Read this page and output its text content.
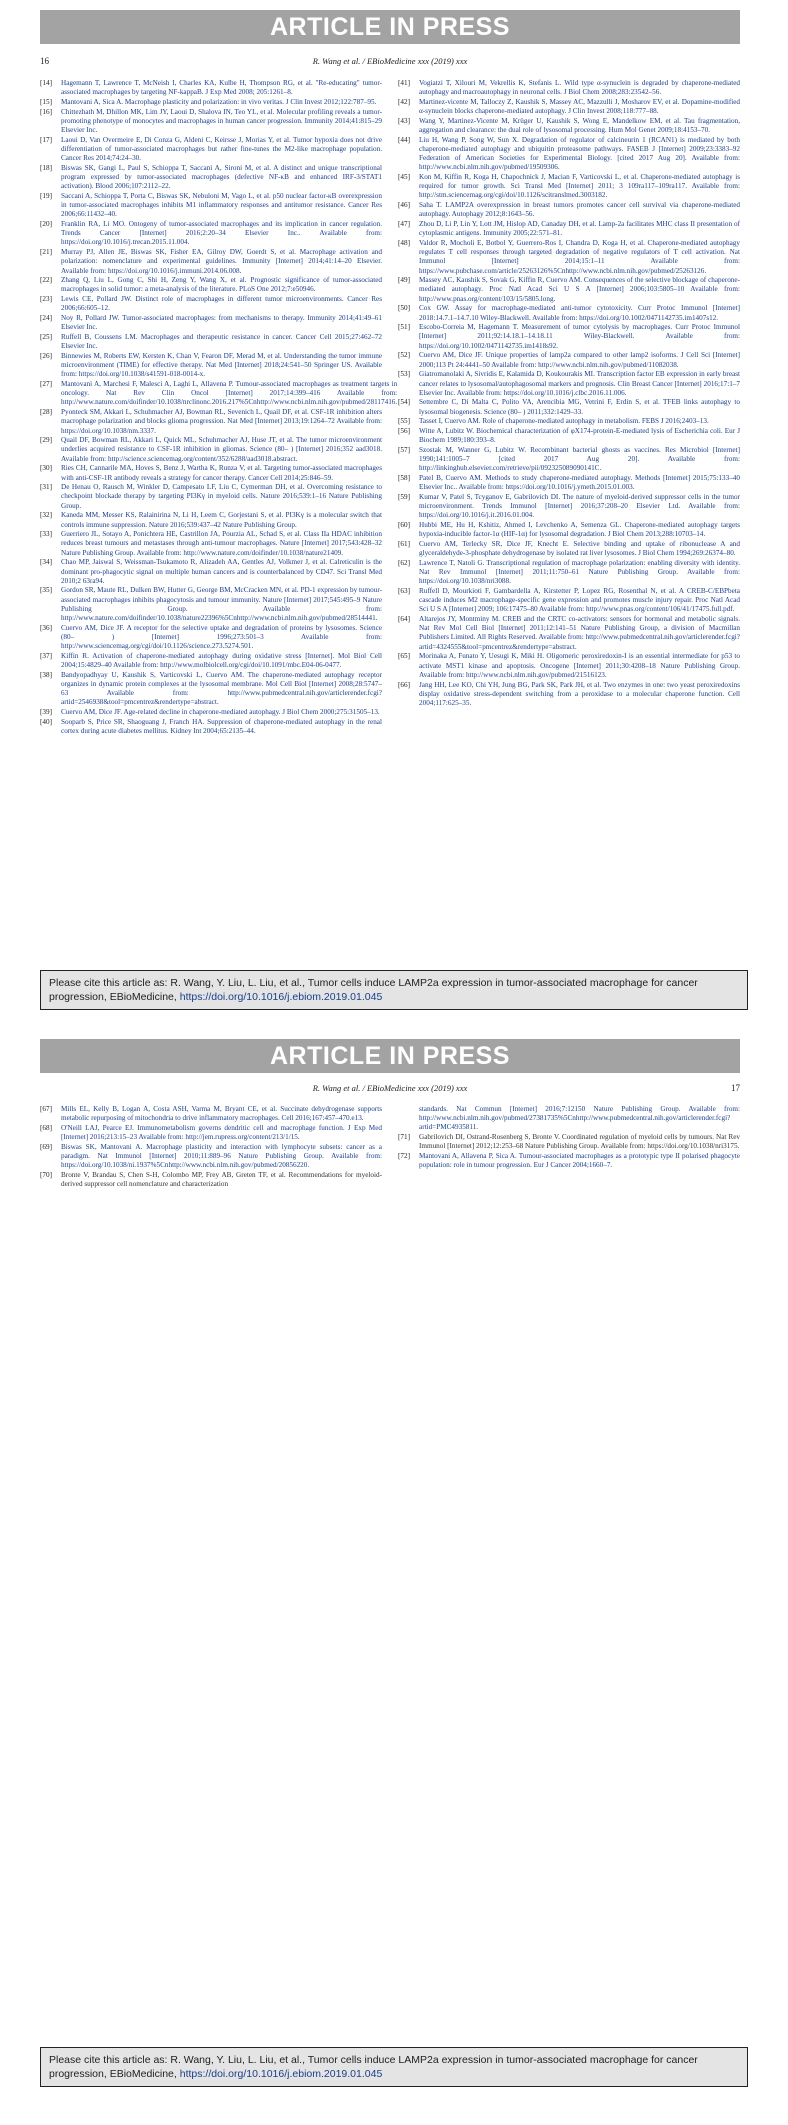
ARTICLE IN PRESS
16	R. Wang et al. / EBioMedicine xxx (2019) xxx
[14]	Hagemann T, Lawrence T, McNeish I, Charles KA, Kulbe H, Thompson RG, et al. "Re-educating" tumor-associated macrophages by targeting NF-kappaB. J Exp Med 2008; 205:1261–8.
[15]	Mantovani A, Sica A. Macrophage plasticity and polarization: in vivo veritas. J Clin Invest 2012;122:787–95.
[16]	Chittezhath M, Dhillon MK, Lim JY, Laoui D, Shalova IN, Teo YL, et al. Molecular profiling reveals a tumor-promoting phenotype of monocytes and macrophages in human cancer progression. Immunity 2014;41:815–29 Elsevier Inc.
[17]	Laoui D, Van Overmeire E, Di Conza G, Aldeni C, Keirsse J, Morias Y, et al. Tumor hypoxia does not drive differentiation of tumor-associated macrophages but rather fine-tunes the M2-like macrophage population. Cancer Res 2014;74:24–30.
[18]	Biswas SK, Gangi L, Paul S, Schioppa T, Saccani A, Sironi M, et al. A distinct and unique transcriptional program expressed by tumor-associated macrophages (defective NF-κB and enhanced IRF-3/STAT1 activation). Blood 2006;107:2112–22.
[19]	Saccani A, Schioppa T, Porta C, Biswas SK, Nebuloni M, Vago L, et al. p50 nuclear factor-κB overexpression in tumor-associated macrophages inhibits M1 inflammatory responses and antitumor resistance. Cancer Res 2006;66:11432–40.
[20]	Franklin RA, Li MO. Ontogeny of tumor-associated macrophages and its implication in cancer regulation. Trends Cancer [Internet] 2016;2:20–34 Elsevier Inc.. Available from: https://doi.org/10.1016/j.trecan.2015.11.004.
[21]	Murray PJ, Allen JE, Biswas SK, Fisher EA, Gilroy DW, Goerdt S, et al. Macrophage activation and polarization: nomenclature and experimental guidelines. Immunity [Internet] 2014;41:14–20 Elsevier. Available from: https://doi.org/10.1016/j.immuni.2014.06.008.
[22]	Zhang Q, Liu L, Gong C, Shi H, Zeng Y, Wang X, et al. Prognostic significance of tumor-associated macrophages in solid tumor: a meta-analysis of the literature. PLoS One 2012;7:e50946.
[23]	Lewis CE, Pollard JW. Distinct role of macrophages in different tumor microenvironments. Cancer Res 2006;66:605–12.
[24]	Noy R, Pollard JW. Tumor-associated macrophages: from mechanisms to therapy. Immunity 2014;41:49–61 Elsevier Inc.
[25]	Ruffell B, Coussens LM. Macrophages and therapeutic resistance in cancer. Cancer Cell 2015;27:462–72 Elsevier Inc.
[26]	Binnewies M, Roberts EW, Kersten K, Chan V, Fearon DF, Merad M, et al. Understanding the tumor immune microenvironment (TIME) for effective therapy. Nat Med [Internet] 2018;24:541–50 Springer US. Available from: https://doi.org/10.1038/s41591-018-0014-x.
[27]	Mantovani A, Marchesi F, Malesci A, Laghi L, Allavena P. Tumour-associated macrophages as treatment targets in oncology. Nat Rev Clin Oncol [Internet] 2017;14:399–416 Available from: http://www.nature.com/doifinder/10.1038/nrclinonc.2016.217%5Cnhttp://www.ncbi.nlm.nih.gov/pubmed/28117416.
[28]	Pyonteck SM, Akkari L, Schuhmacher AJ, Bowman RL, Sevenich L, Quail DF, et al. CSF-1R inhibition alters macrophage polarization and blocks glioma progression. Nat Med [Internet] 2013;19:1264–72 Available from: https://doi.org/10.1038/nm.3337.
[29]	Quail DF, Bowman RL, Akkari L, Quick ML, Schuhmacher AJ, Huse JT, et al. The tumor microenvironment underlies acquired resistance to CSF-1R inhibition in gliomas. Science (80– ) [Internet] 2016;352 aad3018. Available from: http://science.sciencemag.org/content/352/6288/aad3018.abstract.
[30]	Ries CH, Cannarile MA, Hoves S, Benz J, Wartha K, Runza V, et al. Targeting tumor-associated macrophages with anti-CSF-1R antibody reveals a strategy for cancer therapy. Cancer Cell 2014;25:846–59.
[31]	De Henau O, Rausch M, Winkler D, Campesato LF, Liu C, Cymerman DH, et al. Overcoming resistance to checkpoint blockade therapy by targeting PI3Kγ in myeloid cells. Nature 2016;539:1–16 Nature Publishing Group.
[32]	Kaneda MM, Messer KS, Ralainirina N, Li H, Leem C, Gorjestani S, et al. PI3Kγ is a molecular switch that controls immune suppression. Nature 2016;539:437–42 Nature Publishing Group.
[33]	Guerriero JL, Sotayo A, Ponichtera HE, Castrillon JA, Pourzia AL, Schad S, et al. Class IIa HDAC inhibition reduces breast tumours and metastases through anti-tumour macrophages. Nature [Internet] 2017;543:428–32 Nature Publishing Group. Available from: http://www.nature.com/doifinder/10.1038/nature21409.
[34]	Chao MP, Jaiswal S, Weissman-Tsukamoto R, Alizadeh AA, Gentles AJ, Volkmer J, et al. Calreticulin is the dominant pro-phagocytic signal on multiple human cancers and is counterbalanced by CD47. Sci Transl Med 2010;2 63ra94.
[35]	Gordon SR, Maute RL, Dulken BW, Hutter G, George BM, McCracken MN, et al. PD-1 expression by tumour-associated macrophages inhibits phagocytosis and tumour immunity. Nature [Internet] 2017;545:495–9 Nature Publishing Group. Available from: http://www.nature.com/doifinder/10.1038/nature22396%5Cnhttp://www.ncbi.nlm.nih.gov/pubmed/28514441.
[36]	Cuervo AM, Dice JF. A receptor for the selective uptake and degradation of proteins by lysosomes. Science (80– ) [Internet] 1996;273:501–3 Available from: http://www.sciencemag.org/cgi/doi/10.1126/science.273.5274.501.
[37]	Kiffin R. Activation of chaperone-mediated autophagy during oxidative stress [Internet]. Mol Biol Cell 2004;15:4829–40 Available from: http://www.molbiolcell.org/cgi/doi/10.1091/mbc.E04-06-0477.
[38]	Bandyopadhyay U, Kaushik S, Varticovski L, Cuervo AM. The chaperone-mediated autophagy receptor organizes in dynamic protein complexes at the lysosomal membrane. Mol Cell Biol [Internet] 2008;28:5747–63 Available from: http://www.pubmedcentral.nih.gov/articlerender.fcgi?artid=2546938&tool=pmcentrez&rendertype=abstract.
[39]	Cuervo AM, Dice JF. Age-related decline in chaperone-mediated autophagy. J Biol Chem 2000;275:31505–13.
[40]	Sooparb S, Price SR, Shaoguang J, Franch HA. Suppression of chaperone-mediated autophagy in the renal cortex during acute diabetes mellitus. Kidney Int 2004;65:2135–44.
[41]	Vogiatzi T, Xilouri M, Vekrellis K, Stefanis L. Wild type α-synuclein is degraded by chaperone-mediated autophagy and macroautophagy in neuronal cells. J Biol Chem 2008;283:23542–56.
[42]	Martinez-vicente M, Talloczy Z, Kaushik S, Massey AC, Mazzulli J, Mosharov EV, et al. Dopamine-modified α-synuclein blocks chaperone-mediated autophagy. J Clin Invest 2008;118:777–88.
[43]	Wang Y, Martinez-Vicente M, Krüger U, Kaushik S, Wong E, Mandelkow EM, et al. Tau fragmentation, aggregation and clearance: the dual role of lysosomal processing. Hum Mol Genet 2009;18:4153–70.
[44]	Liu H, Wang P, Song W, Sun X. Degradation of regulator of calcineurin 1 (RCAN1) is mediated by both chaperone-mediated autophagy and ubiquitin proteasome pathways. FASEB J [Internet] 2009;23:3383–92 Federation of American Societies for Experimental Biology. [cited 2017 Aug 20]. Available from: http://www.ncbi.nlm.nih.gov/pubmed/19509306.
[45]	Kon M, Kiffin R, Koga H, Chapochnick J, Macian F, Varticovski L, et al. Chaperone-mediated autophagy is required for tumor growth. Sci Transl Med [Internet] 2011; 3 109ra117–109ra117. Available from: http://stm.sciencemag.org/cgi/doi/10.1126/scitranslmed.3003182.
[46]	Saha T. LAMP2A overexpression in breast tumors promotes cancer cell survival via chaperone-mediated autophagy. Autophagy 2012;8:1643–56.
[47]	Zhou D, Li P, Lin Y, Lott JM, Hislop AD, Canaday DH, et al. Lamp-2a facilitates MHC class II presentation of cytoplasmic antigens. Immunity 2005;22:571–81.
[48]	Valdor R, Mocholi E, Botbol Y, Guerrero-Ros I, Chandra D, Koga H, et al. Chaperone-mediated autophagy regulates T cell responses through targeted degradation of negative regulators of T cell activation. Nat Immunol [Internet] 2014;15:1–11 Available from: https://www.pubchase.com/article/25263126%5Cnhttp://www.ncbi.nlm.nih.gov/pubmed/25263126.
[49]	Massey AC, Kaushik S, Sovak G, Kiffin R, Cuervo AM. Consequences of the selective blockage of chaperone-mediated autophagy. Proc Natl Acad Sci U S A [Internet] 2006;103:5805–10 Available from: http://www.pnas.org/content/103/15/5805.long.
[50]	Cox GW. Assay for macrophage-mediated anti-tumor cytotoxicity. Curr Protoc Immunol [Internet] 2018:14.7.1–14.7.10 Wiley-Blackwell. Available from: https://doi.org/10.1002/0471142735.im1407s12.
[51]	Escobo-Correia M, Hagemann T. Measurement of tumor cytolysis by macrophages. Curr Protoc Immunol [Internet] 2011;92:14.18.1–14.18.11 Wiley-Blackwell. Available from: https://doi.org/10.1002/0471142735.im1418s92.
[52]	Cuervo AM, Dice JF. Unique properties of lamp2a compared to other lamp2 isoforms. J Cell Sci [Internet] 2000;113 Pt 24:4441–50 Available from: http://www.ncbi.nlm.nih.gov/pubmed/11082038.
[53]	Giatromanolaki A, Sivridis E, Kalamida D, Koukourakis MI. Transcription factor EB expression in early breast cancer relates to lysosomal/autophagosomal markers and prognosis. Clin Breast Cancer [Internet] 2016;17:1–7 Elsevier Inc. Available from: https://doi.org/10.1016/j.clbc.2016.11.006.
[54]	Settembre C, Di Malta C, Polito VA, Arencibia MG, Vetrini F, Erdin S, et al. TFEB links autophagy to lysosomal biogenesis. Science (80– ) 2011;332:1429–33.
[55]	Tasset I, Cuervo AM. Role of chaperone-mediated autophagy in metabolism. FEBS J 2016;2403–13.
[56]	Witte A, Lubitz W. Biochemical characterization of φX174-protein-E-mediated lysis of Escherichia coli. Eur J Biochem 1989;180:393–8.
[57]	Szostak M, Wanner G, Lubitz W. Recombinant bacterial ghosts as vaccines. Res Microbiol [Internet] 1990;141:1005–7 [cited 2017 Aug 20]. Available from: http://linkinghub.elsevier.com/retrieve/pii/092325089090141C.
[58]	Patel B, Cuervo AM. Methods to study chaperone-mediated autophagy. Methods [Internet] 2015;75:133–40 Elsevier Inc.. Available from: https://doi.org/10.1016/j.ymeth.2015.01.003.
[59]	Kumar V, Patel S, Tcyganov E, Gabrilovich DI. The nature of myeloid-derived suppressor cells in the tumor microenvironment. Trends Immunol [Internet] 2016;37:208–20 Elsevier Ltd. Available from: https://doi.org/10.1016/j.it.2016.01.004.
[60]	Hubbi ME, Hu H, Kshitiz, Ahmed I, Levchenko A, Semenza GL. Chaperone-mediated autophagy targets hypoxia-inducible factor-1α (HIF-1α) for lysosomal degradation. J Biol Chem 2013;288:10703–14.
[61]	Cuervo AM, Terlecky SR, Dice JF, Knecht E. Selective binding and uptake of ribonuclease A and glyceraldehyde-3-phosphate dehydrogenase by isolated rat liver lysosomes. J Biol Chem 1994;269:26374–80.
[62]	Lawrence T, Natoli G. Transcriptional regulation of macrophage polarization: enabling diversity with identity. Nat Rev Immunol [Internet] 2011;11:750–61 Nature Publishing Group. Available from: https://doi.org/10.1038/nri3088.
[63]	Ruffell D, Mourkioti F, Gambardella A, Kirstetter P, Lopez RG, Rosenthal N, et al. A CREB-C/EBPbeta cascade induces M2 macrophage-specific gene expression and promotes muscle injury repair. Proc Natl Acad Sci U S A [Internet] 2009; 106:17475–80 Available from: http://www.pnas.org/content/106/41/17475.full.pdf.
[64]	Altarejos JY, Montminy M. CREB and the CRTC co-activators: sensors for hormonal and metabolic signals. Nat Rev Mol Cell Biol [Internet] 2011;12:141–51 Nature Publishing Group, a division of Macmillan Publishers Limited. All Rights Reserved. Available from: http://www.pubmedcentral.nih.gov/articlerender.fcgi?artid=4324555&tool=pmcentrez&rendertype=abstract.
[65]	Morinaka A, Funato Y, Uesugi K, Miki H. Oligomeric peroxiredoxin-I is an essential intermediate for p53 to activate MST1 kinase and apoptosis. Oncogene [Internet] 2011;30:4208–18 Nature Publishing Group. Available from: http://www.ncbi.nlm.nih.gov/pubmed/21516123.
[66]	Jang HH, Lee KO, Chi YH, Jung BG, Park SK, Park JH, et al. Two enzymes in one: two yeast peroxiredoxins display oxidative stress-dependent switching from a peroxidase to a molecular chaperone function. Cell 2004;117:625–35.
Please cite this article as: R. Wang, Y. Liu, L. Liu, et al., Tumor cells induce LAMP2a expression in tumor-associated macrophage for cancer progression, EBioMedicine, https://doi.org/10.1016/j.ebiom.2019.01.045
ARTICLE IN PRESS
R. Wang et al. / EBioMedicine xxx (2019) xxx	17
[67]	Mills EL, Kelly B, Logan A, Costa ASH, Varma M, Bryant CE, et al. Succinate dehydrogenase supports metabolic repurposing of mitochondria to drive inflammatory macrophages. Cell 2016;167:457–470.e13.
[68]	O'Neill LAJ, Pearce EJ. Immunometabolism governs dendritic cell and macrophage function. J Exp Med [Internet] 2016;213:15–23 Available from: http://jem.rupress.org/content/213/1/15.
[69]	Biswas SK, Mantovani A. Macrophage plasticity and interaction with lymphocyte subsets: cancer as a paradigm. Nat Immunol [Internet] 2010;11:889–96 Nature Publishing Group. Available from: https://doi.org/10.1038/ni.1937%5Cnhttp://www.ncbi.nlm.nih.gov/pubmed/20856220.
[70]	Bronte V, Brandau S, Chen S-H, Colombo MP, Frey AB, Greten TF, et al. Recommendations for myeloid-derived suppressor cell nomenclature and characterization
standards. Nat Commun [Internet] 2016;7:12150 Nature Publishing Group. Available from: http://www.ncbi.nlm.nih.gov/pubmed/27381735%5Cnhttp://www.pubmedcentral.nih.gov/articlerender.fcgi?artid=PMC4935811.
[71]	Gabrilovich DI, Ostrand-Rosenberg S, Bronte V. Coordinated regulation of myeloid cells by tumours. Nat Rev Immunol [Internet] 2012;12:253–68 Nature Publishing Group. Available from: https://doi.org/10.1038/nri3175.
[72]	Mantovani A, Allavena P, Sica A. Tumour-associated macrophages as a prototypic type II polarised phagocyte population: role in tumour progression. Eur J Cancer 2004;1660–7.
Please cite this article as: R. Wang, Y. Liu, L. Liu, et al., Tumor cells induce LAMP2a expression in tumor-associated macrophage for cancer progression, EBioMedicine, https://doi.org/10.1016/j.ebiom.2019.01.045
